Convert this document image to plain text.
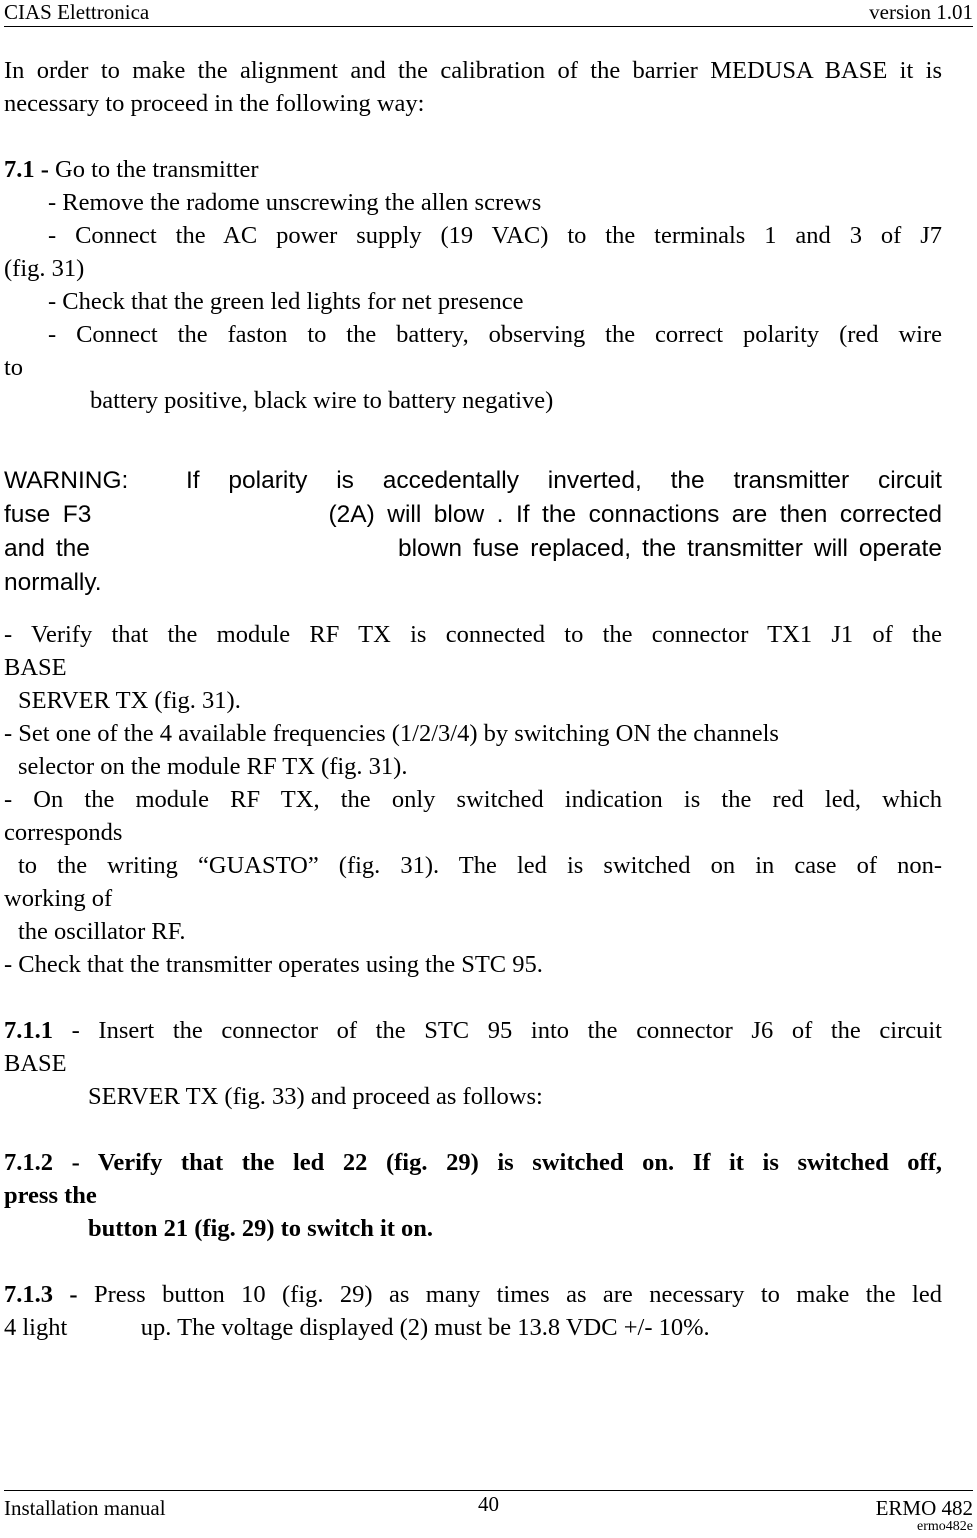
CIAS Elettronica	version 1.01

In order to make the alignment and the calibration of the barrier MEDUSA BASE it is necessary to proceed in the following way:

7.1 - Go to the transmitter

- Remove the radome unscrewing the allen screws

- Connect the AC power supply (19 VAC) to the terminals 1 and 3 of J7

(fig. 31)

- Check that the green led lights for net presence

- Connect the faston to the battery, observing the correct polarity (red wire

to

battery positive, black wire to battery negative)

WARNING:  If polarity is accedentally inverted, the transmitter circuit
fuse F3                   (2A) will blow . If the connactions are then corrected
and the                            blown fuse replaced, the transmitter will operate
normally.

- Verify that the module RF TX is connected to the connector TX1 J1 of the

BASE

SERVER TX (fig. 31).

- Set one of the 4 available frequencies (1/2/3/4) by switching ON the channels

selector on the module RF TX (fig. 31).

- On the module RF TX, the only switched indication is the red led, which

corresponds

to the writing “GUASTO” (fig. 31). The led is switched on in case of non-

working of

the oscillator RF.

- Check that the transmitter operates using the STC 95.

7.1.1 - Insert the connector of the STC 95 into the connector J6 of the circuit

BASE

SERVER TX (fig. 33) and proceed as follows:

7.1.2 - Verify that the led 22 (fig. 29) is switched on. If it is switched off,

press the

button 21 (fig. 29) to switch it on.

7.1.3 - Press button 10 (fig. 29) as many times as are necessary to make the led

4 light            up. The voltage displayed (2) must be 13.8 VDC +/- 10%.

Installation manual	40	ERMO 482
ermo482e
